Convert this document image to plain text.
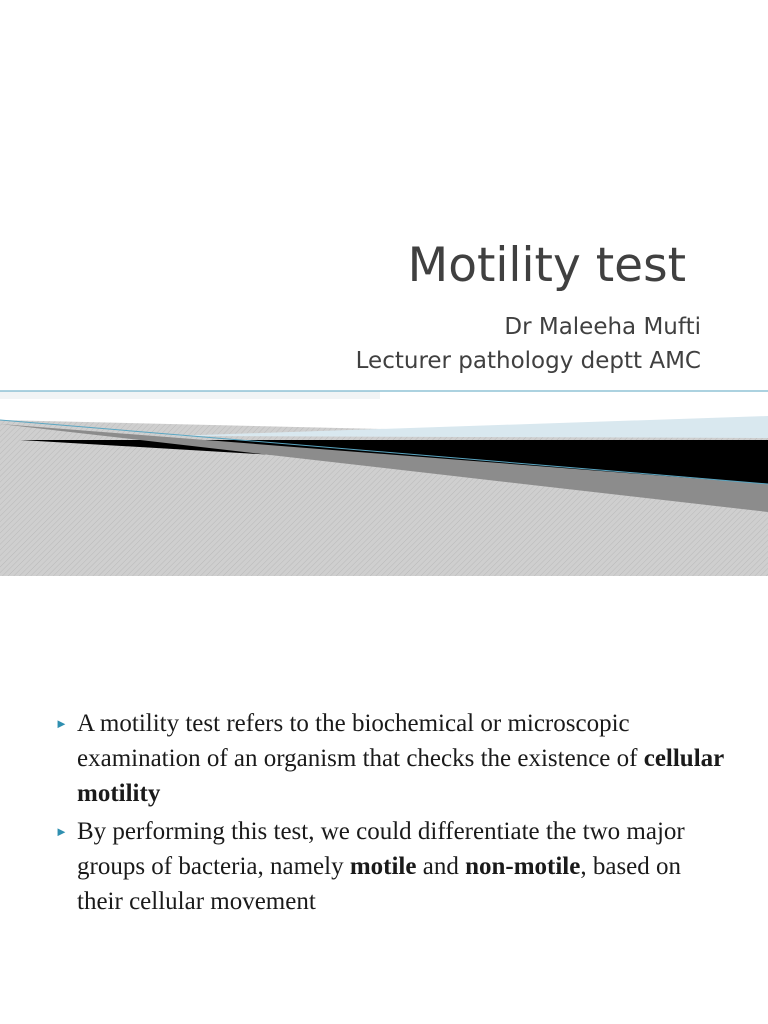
Motility test
Dr Maleeha Mufti
Lecturer pathology deptt AMC
► A motility test refers to the biochemical or microscopic examination of an organism that checks the existence of cellular motility
► By performing this test, we could differentiate the two major groups of bacteria, namely motile and non-motile, based on their cellular movement
